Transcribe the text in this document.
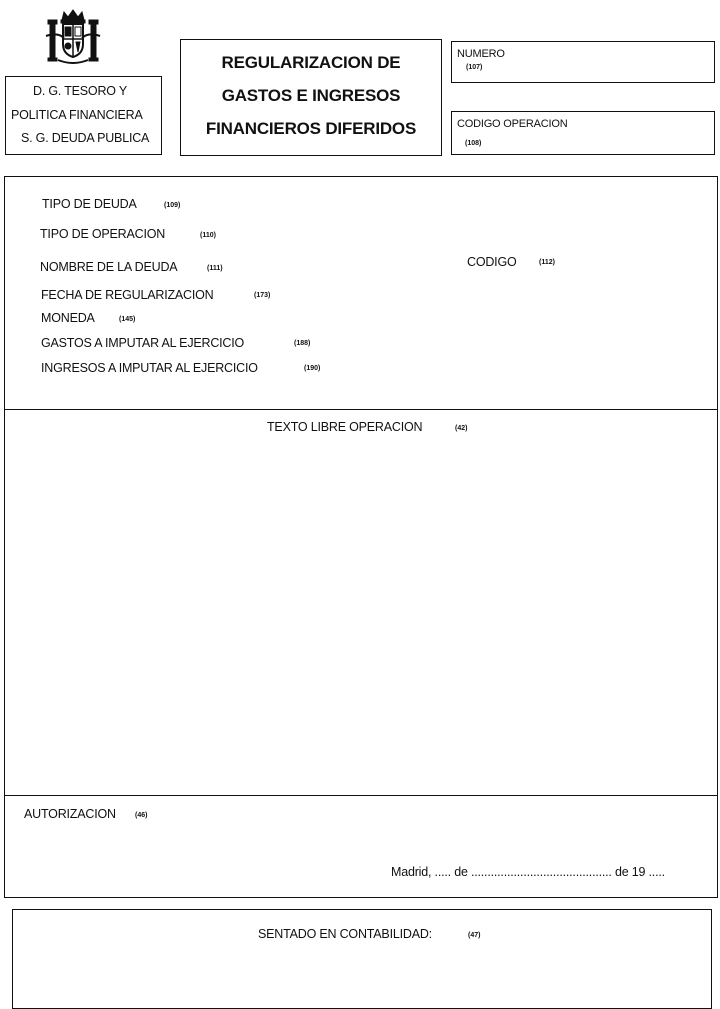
D. G. TESORO Y
POLITICA FINANCIERA
S. G. DEUDA PUBLICA
REGULARIZACION DE
GASTOS E INGRESOS
FINANCIEROS DIFERIDOS
NUMERO
(107)
CODIGO OPERACION
(108)
TIPO DE DEUDA	(109)
TIPO DE OPERACION	(110)
NOMBRE DE LA DEUDA	(111)	CODIGO	(112)
FECHA DE REGULARIZACION	(173)
MONEDA	(145)
GASTOS A IMPUTAR AL EJERCICIO	(188)
INGRESOS A IMPUTAR AL EJERCICIO	(190)
TEXTO LIBRE OPERACION	(42)
AUTORIZACION	(46)
Madrid, ..... de ........................................... de 19 .....
SENTADO EN CONTABILIDAD:	(47)
